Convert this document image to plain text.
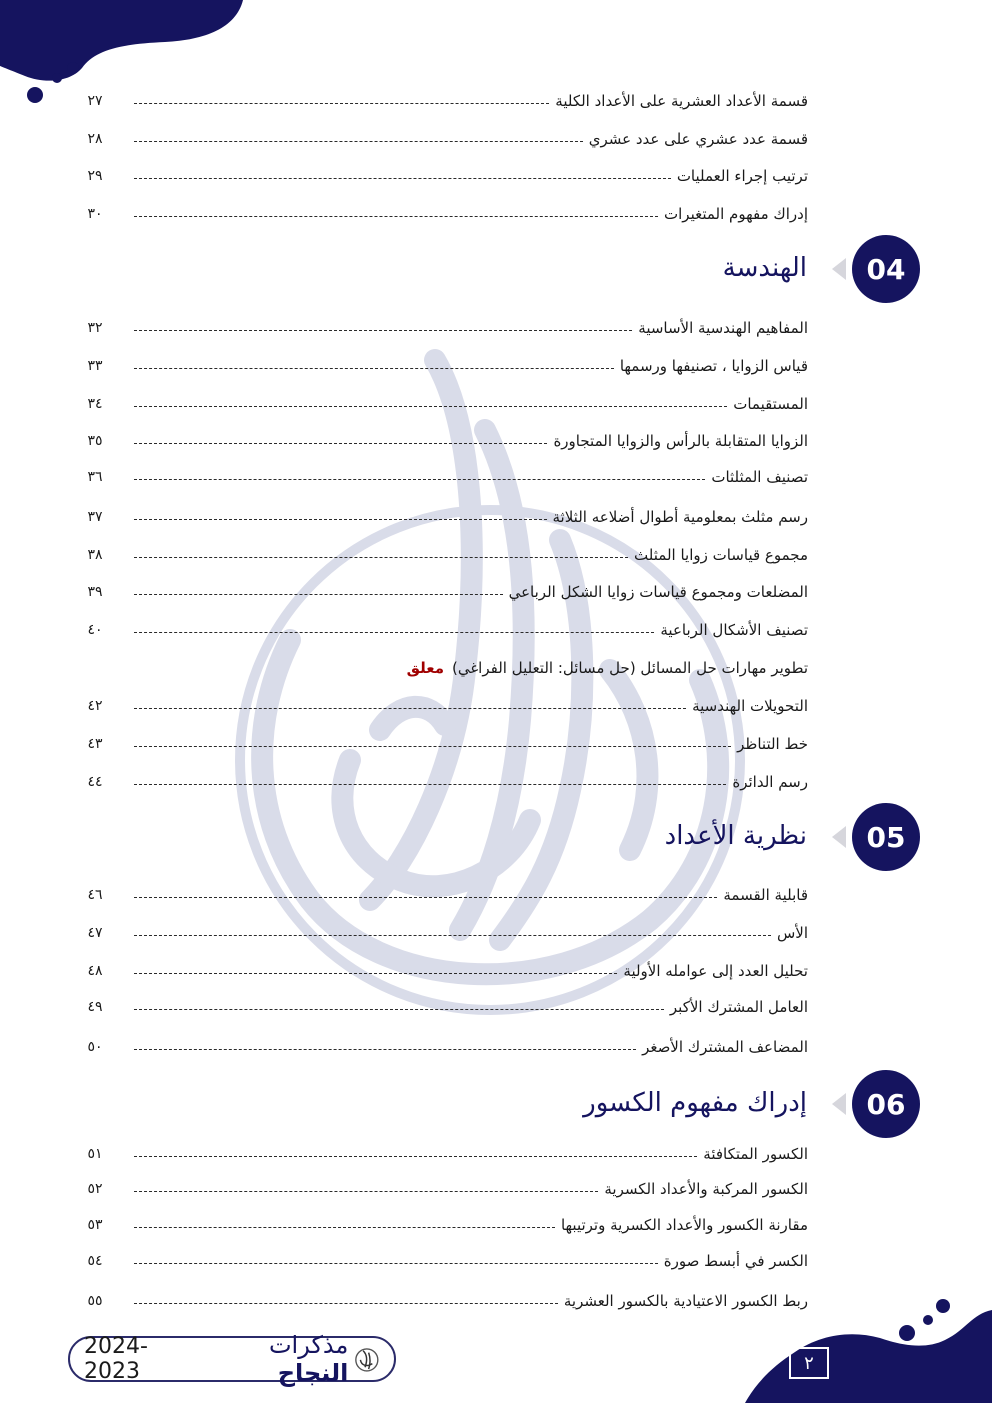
قسمة الأعداد العشرية على الأعداد الكلية
٢٧
قسمة عدد عشري على عدد عشري
٢٨
ترتيب إجراء العمليات
٢٩
إدراك مفهوم المتغيرات
٣٠
04
الهندسة
المفاهيم الهندسية الأساسية
٣٢
قياس الزوايا ، تصنيفها ورسمها
٣٣
المستقيمات
٣٤
الزوايا المتقابلة بالرأس والزوايا المتجاورة
٣٥
تصنيف المثلثات
٣٦
رسم مثلث بمعلومية أطوال أضلاعه الثلاثة
٣٧
مجموع قياسات زوايا المثلث
٣٨
المضلعات ومجموع قياسات زوايا الشكل الرباعي
٣٩
تصنيف الأشكال الرباعية
٤٠
تطوير مهارات حل المسائل (حل مسائل: التعليل الفراغي)
معلق
التحويلات الهندسية
٤٢
خط التناظر
٤٣
رسم الدائرة
٤٤
05
نظرية الأعداد
قابلية القسمة
٤٦
الأس
٤٧
تحليل العدد إلى عوامله الأولية
٤٨
العامل المشترك الأكبر
٤٩
المضاعف المشترك الأصغر
٥٠
06
إدراك مفهوم الكسور
الكسور المتكافئة
٥١
الكسور المركبة والأعداد الكسرية
٥٢
مقارنة الكسور والأعداد الكسرية وترتيبها
٥٣
الكسر في أبسط صورة
٥٤
ربط الكسور الاعتيادية بالكسور العشرية
٥٥
مذكرات النجاح
2024-2023	٢
